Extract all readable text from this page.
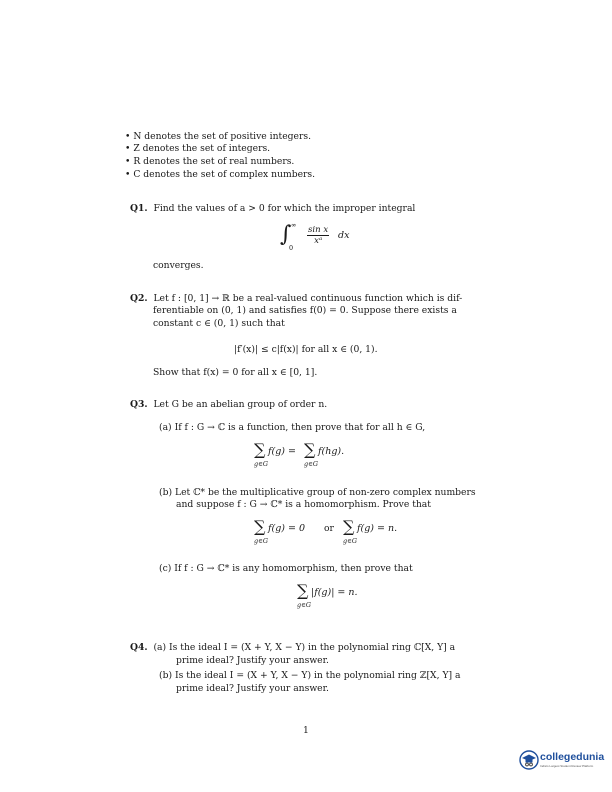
• N denotes the set of positive integers.
• Z denotes the set of integers.
• R denotes the set of real numbers.
• C denotes the set of complex numbers.
Q1. Find the values of a > 0 for which the improper integral
∫ ∞
0
$\frac{\text{sin x}}{\text{xᵃ}}$ dx
converges.
Q2. Let f : [0, 1] → ℝ be a real-valued continuous function which is dif-
ferentiable on (0, 1) and satisfies f(0) = 0. Suppose there exists a
constant c ∈ (0, 1) such that
|f′(x)| ≤ c|f(x)| for all x ∈ (0, 1).
Show that f(x) = 0 for all x ∈ [0, 1].
Q3. Let G be an abelian group of order n.
(a) If f : G → ℂ is a function, then prove that for all h ∈ G,
∑
g∈G
f(g) = ∑
g∈G
f(hg).
(b) Let ℂ* be the multiplicative group of non-zero complex numbers
and suppose f : G → ℂ* is a homomorphism. Prove that
∑
g∈G
f(g) = 0 or ∑
g∈G
f(g) = n.
(c) If f : G → ℂ* is any homomorphism, then prove that
∑
g∈G
|f(g)| = n.
Q4. (a) Is the ideal I = (X + Y, X − Y) in the polynomial ring ℂ[X, Y] a
prime ideal? Justify your answer.
(b) Is the ideal I = (X + Y, X − Y) in the polynomial ring ℤ[X, Y] a
prime ideal? Justify your answer.
1
collegedunia
India's Largest Student Review Platform
